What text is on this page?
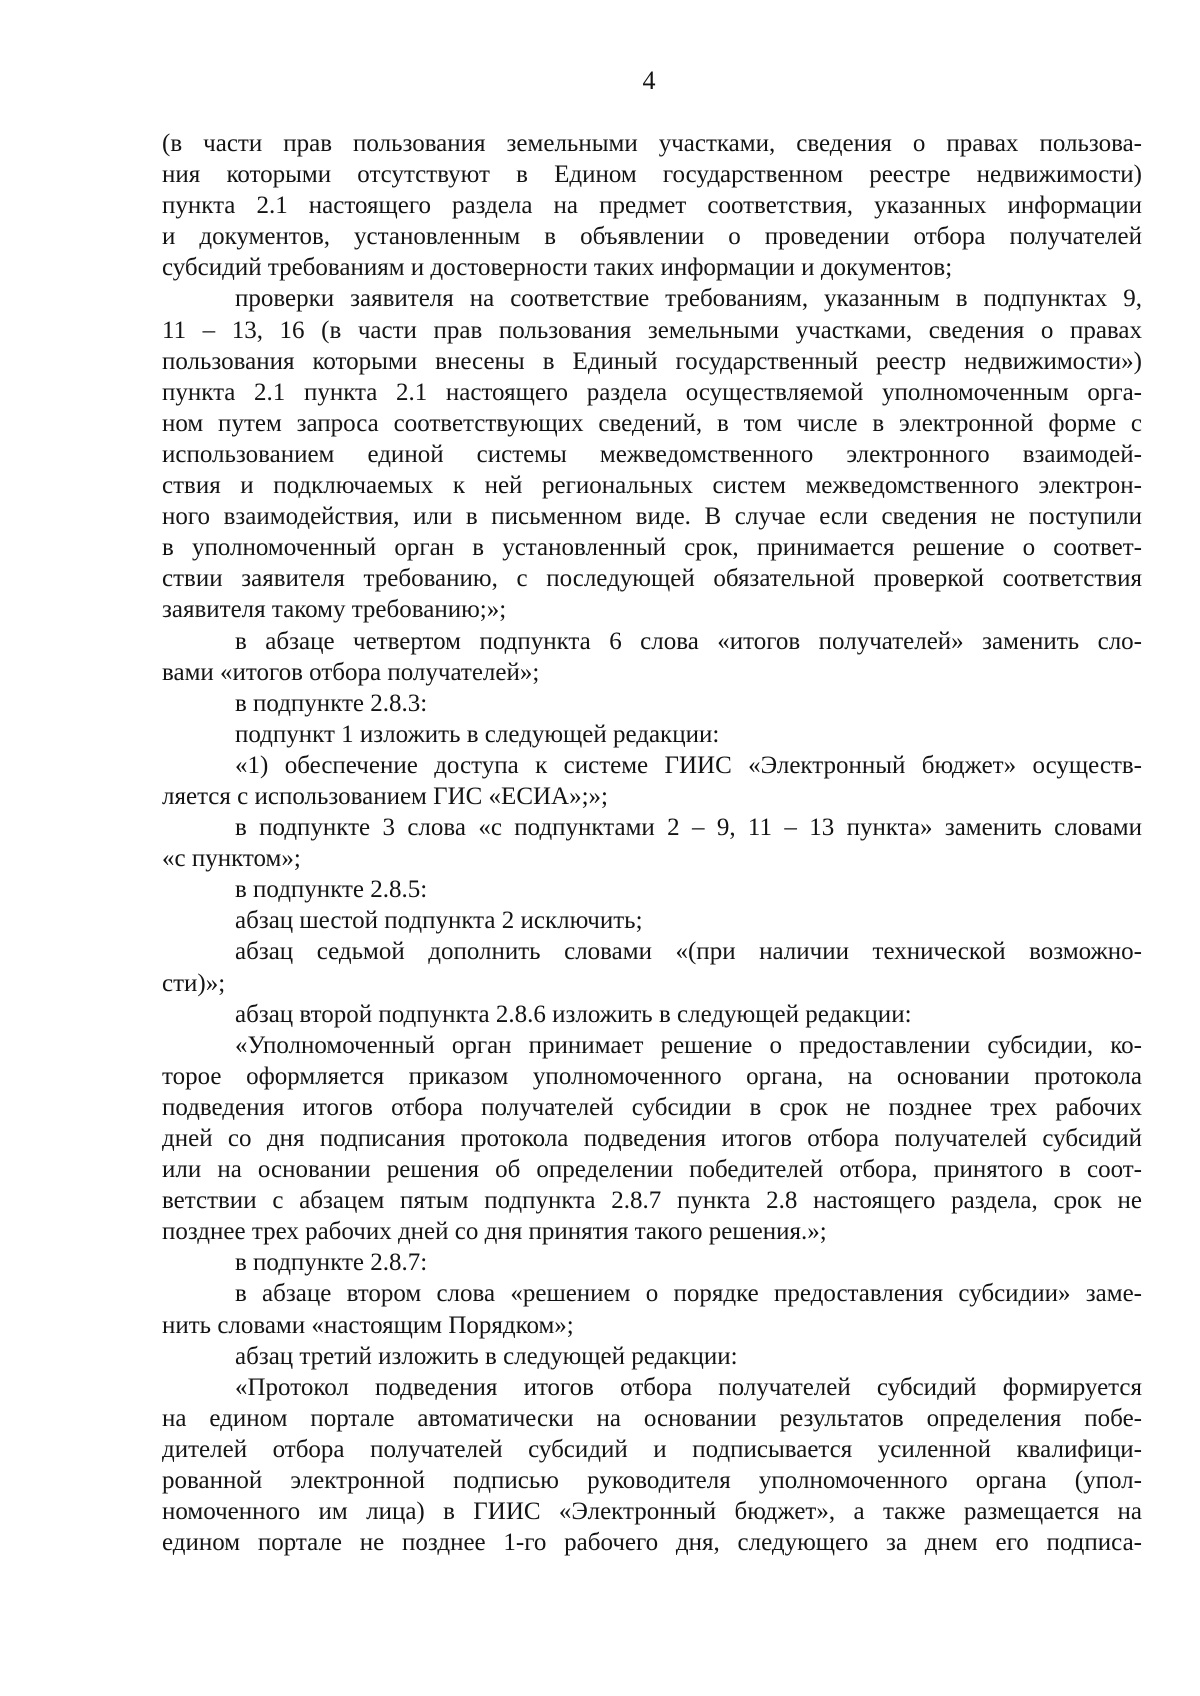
4

(в части прав пользования земельными участками, сведения о правах пользова-

ния которыми отсутствуют в Едином государственном реестре недвижимости)

пункта 2.1 настоящего раздела на предмет соответствия, указанных информации

и документов, установленным в объявлении о проведении отбора получателей

субсидий требованиям и достоверности таких информации и документов;

проверки заявителя на соответствие требованиям, указанным в подпунктах 9,

11 – 13, 16 (в части прав пользования земельными участками, сведения о правах

пользования которыми внесены в Единый государственный реестр недвижимости»)

пункта 2.1 пункта 2.1 настоящего раздела осуществляемой уполномоченным орга-

ном путем запроса соответствующих сведений, в том числе в электронной форме с

использованием единой системы межведомственного электронного взаимодей-

ствия и подключаемых к ней региональных систем межведомственного электрон-

ного взаимодействия, или в письменном виде. В случае если сведения не поступили

в уполномоченный орган в установленный срок, принимается решение о соответ-

ствии заявителя требованию, с последующей обязательной проверкой соответствия

заявителя такому требованию;»;

в абзаце четвертом подпункта 6 слова «итогов получателей» заменить сло-

вами «итогов отбора получателей»;

в подпункте 2.8.3:

подпункт 1 изложить в следующей редакции:

«1) обеспечение доступа к системе ГИИС «Электронный бюджет» осуществ-

ляется с использованием ГИС «ЕСИА»;»;

в подпункте 3 слова «с подпунктами 2 – 9, 11 – 13 пункта» заменить словами

«с пунктом»;

в подпункте 2.8.5:

абзац шестой подпункта 2 исключить;

абзац седьмой дополнить словами «(при наличии технической возможно-

сти)»;

абзац второй подпункта 2.8.6 изложить в следующей редакции:

«Уполномоченный орган принимает решение о предоставлении субсидии, ко-

торое оформляется приказом уполномоченного органа, на основании протокола

подведения итогов отбора получателей субсидии в срок не позднее трех рабочих

дней со дня подписания протокола подведения итогов отбора получателей субсидий

или на основании решения об определении победителей отбора, принятого в соот-

ветствии с абзацем пятым подпункта 2.8.7 пункта 2.8 настоящего раздела, срок не

позднее трех рабочих дней со дня принятия такого решения.»;

в подпункте 2.8.7:

в абзаце втором слова «решением о порядке предоставления субсидии» заме-

нить словами «настоящим Порядком»;

абзац третий изложить в следующей редакции:

«Протокол подведения итогов отбора получателей субсидий формируется

на едином портале автоматически на основании результатов определения побе-

дителей отбора получателей субсидий и подписывается усиленной квалифици-

рованной электронной подписью руководителя уполномоченного органа (упол-

номоченного им лица) в ГИИС «Электронный бюджет», а также размещается на

едином портале не позднее 1-го рабочего дня, следующего за днем его подписа-
